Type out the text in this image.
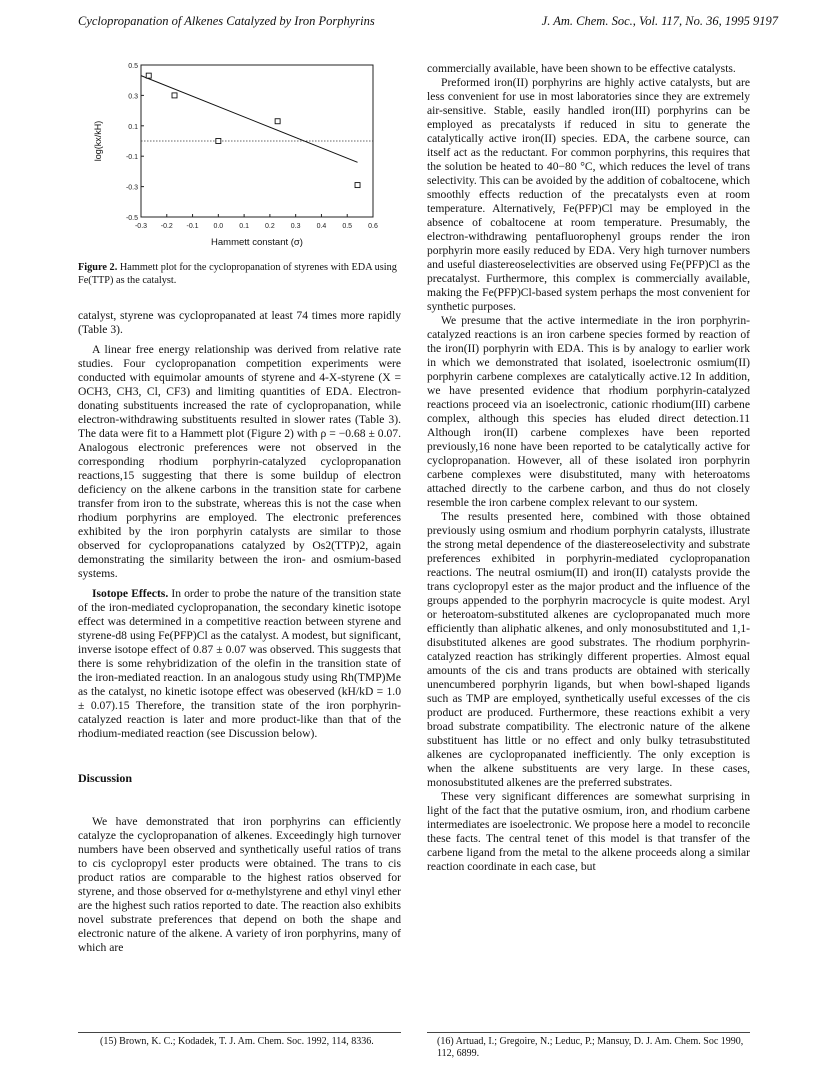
Cyclopropanation of Alkenes Catalyzed by Iron Porphyrins	J. Am. Chem. Soc., Vol. 117, No. 36, 1995 9197
-0.3 -0.2 -0.1 0.0 0.1 0.2 0.3 0.4 0.5 0.6
0.5
0.3
0.1
-0.1
-0.3
-0.5
Hammett constant (σ)
log(kx/kH)
Figure 2. Hammett plot for the cyclopropanation of styrenes with EDA using Fe(TTP) as the catalyst.

catalyst, styrene was cyclopropanated at least 74 times more rapidly (Table 3).

A linear free energy relationship was derived from relative rate studies. Four cyclopropanation competition experiments were conducted with equimolar amounts of styrene and 4-X-styrene (X = OCH3, CH3, Cl, CF3) and limiting quantities of EDA. Electron-donating substituents increased the rate of cyclopropanation, while electron-withdrawing substituents resulted in slower rates (Table 3). The data were fit to a Hammett plot (Figure 2) with ρ = −0.68 ± 0.07. Analogous electronic preferences were not observed in the corresponding rhodium porphyrin-catalyzed cyclopropanation reactions,15 suggesting that there is some buildup of electron deficiency on the alkene carbons in the transition state for carbene transfer from iron to the substrate, whereas this is not the case when rhodium porphyrins are employed. The electronic preferences exhibited by the iron porphyrin catalysts are similar to those observed for cyclopropanations catalyzed by Os2(TTP)2, again demonstrating the similarity between the iron- and osmium-based systems.

Isotope Effects. In order to probe the nature of the transition state of the iron-mediated cyclopropanation, the secondary kinetic isotope effect was determined in a competitive reaction between styrene and styrene-d8 using Fe(PFP)Cl as the catalyst. A modest, but significant, inverse isotope effect of 0.87 ± 0.07 was observed. This suggests that there is some rehybridization of the olefin in the transition state of the iron-mediated reaction. In an analogous study using Rh(TMP)Me as the catalyst, no kinetic isotope effect was obeserved (kH/kD = 1.0 ± 0.07).15 Therefore, the transition state of the iron porphyrin-catalyzed reaction is later and more product-like than that of the rhodium-mediated reaction (see Discussion below).

Discussion

We have demonstrated that iron porphyrins can efficiently catalyze the cyclopropanation of alkenes. Exceedingly high turnover numbers have been observed and synthetically useful ratios of trans to cis cyclopropyl ester products were obtained. The trans to cis product ratios are comparable to the highest ratios observed for styrene, and those observed for α-methylstyrene and ethyl vinyl ether are the highest such ratios reported to date. The reaction also exhibits novel substrate preferences that depend on both the shape and electronic nature of the alkene. A variety of iron porphyrins, many of which are

commercially available, have been shown to be effective catalysts.

Preformed iron(II) porphyrins are highly active catalysts, but are less convenient for use in most laboratories since they are extremely air-sensitive. Stable, easily handled iron(III) porphyrins can be employed as precatalysts if reduced in situ to generate the catalytically active iron(II) species. EDA, the carbene source, can itself act as the reductant. For common porphyrins, this requires that the solution be heated to 40−80 °C, which reduces the level of trans selectivity. This can be avoided by the addition of cobaltocene, which smoothly effects reduction of the precatalysts even at room temperature. Alternatively, Fe(PFP)Cl may be employed in the absence of cobaltocene at room temperature. Presumably, the electron-withdrawing pentafluorophenyl groups render the iron porphyrin more easily reduced by EDA. Very high turnover numbers and useful diastereoselectivities are observed using Fe(PFP)Cl as the precatalyst. Furthermore, this complex is commercially available, making the Fe(PFP)Cl-based system perhaps the most convenient for synthetic purposes.

We presume that the active intermediate in the iron porphyrin-catalyzed reactions is an iron carbene species formed by reaction of the iron(II) porphyrin with EDA. This is by analogy to earlier work in which we demonstrated that isolated, isoelectronic osmium(II) porphyrin carbene complexes are catalytically active.12 In addition, we have presented evidence that rhodium porphyrin-catalyzed reactions proceed via an isoelectronic, cationic rhodium(III) carbene complex, although this species has eluded direct detection.11 Although iron(II) carbene complexes have been reported previously,16 none have been reported to be catalytically active for cyclopropanation. However, all of these isolated iron porphyrin carbene complexes were disubstituted, many with heteroatoms attached directly to the carbene carbon, and thus do not closely resemble the iron carbene complex relevant to our system.

The results presented here, combined with those obtained previously using osmium and rhodium porphyrin catalysts, illustrate the strong metal dependence of the diastereoselectivity and substrate preferences exhibited in porphyrin-mediated cyclopropanation reactions. The neutral osmium(II) and iron(II) catalysts provide the trans cyclopropyl ester as the major product and the influence of the groups appended to the porphyrin macrocycle is quite modest. Aryl or heteroatom-substituted alkenes are cyclopropanated much more efficiently than aliphatic alkenes, and only monosubstituted and 1,1-disubstituted alkenes are good substrates. The rhodium porphyrin-catalyzed reaction has strikingly different properties. Almost equal amounts of the cis and trans products are obtained with sterically unencumbered porphyrin ligands, but when bowl-shaped ligands such as TMP are employed, synthetically useful excesses of the cis product are produced. Furthermore, these reactions exhibit a very broad substrate compatibility. The electronic nature of the alkene substituent has little or no effect and only bulky tetrasubstituted alkenes are cyclopropanated inefficiently. The only exception is when the alkene substituents are very large. In these cases, monosubstituted alkenes are the preferred substrates.

These very significant differences are somewhat surprising in light of the fact that the putative osmium, iron, and rhodium carbene intermediates are isoelectronic. We propose here a model to reconcile these facts. The central tenet of this model is that transfer of the carbene ligand from the metal to the alkene proceeds along a similar reaction coordinate in each case, but

(15) Brown, K. C.; Kodadek, T. J. Am. Chem. Soc. 1992, 114, 8336.	(16) Artuad, I.; Gregoire, N.; Leduc, P.; Mansuy, D. J. Am. Chem. Soc 1990, 112, 6899.
